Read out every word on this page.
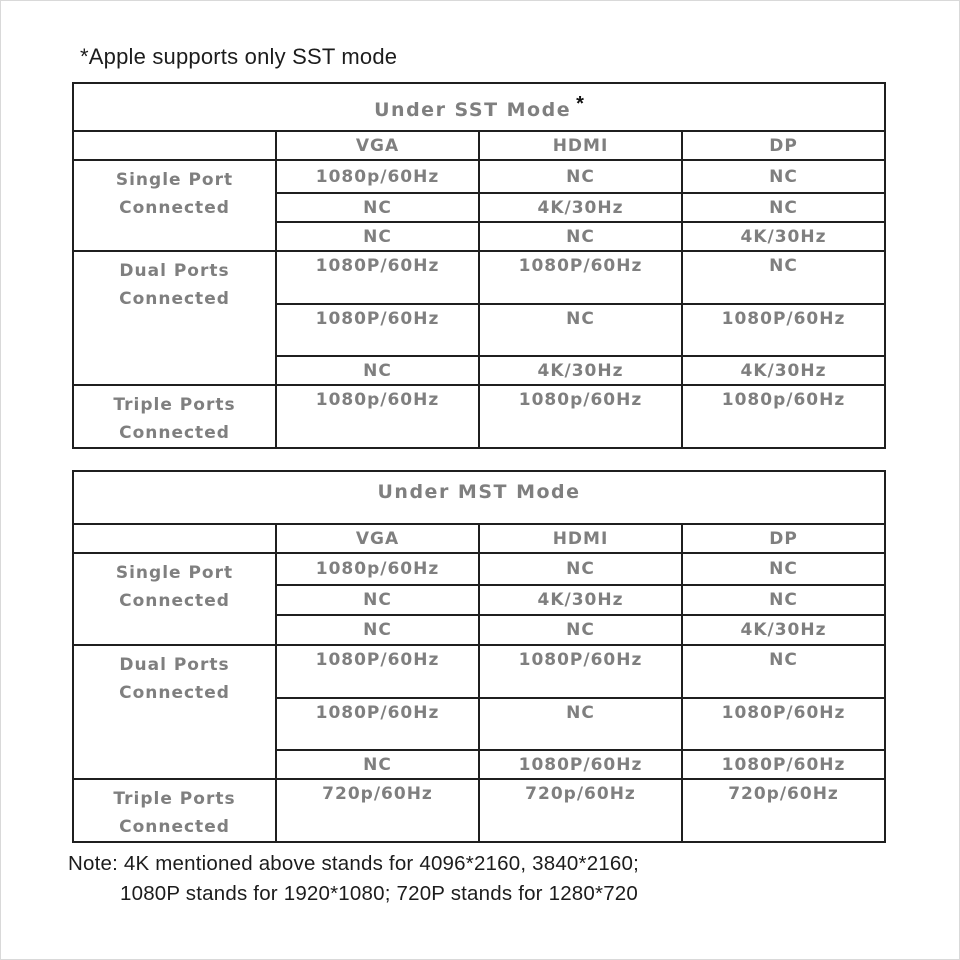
*Apple supports only SST mode
Under SST Mode *			
	VGA	HDMI	DP
Single Port
Connected	1080p/60Hz	NC	NC
	NC	4K/30Hz	NC
	NC	NC	4K/30Hz
Dual Ports
Connected	1080P/60Hz	1080P/60Hz	NC
	1080P/60Hz	NC	1080P/60Hz
	NC	4K/30Hz	4K/30Hz
Triple Ports
Connected	1080p/60Hz	1080p/60Hz	1080p/60Hz
Under MST Mode			
	VGA	HDMI	DP
Single Port
Connected	1080p/60Hz	NC	NC
	NC	4K/30Hz	NC
	NC	NC	4K/30Hz
Dual Ports
Connected	1080P/60Hz	1080P/60Hz	NC
	1080P/60Hz	NC	1080P/60Hz
	NC	1080P/60Hz	1080P/60Hz
Triple Ports
Connected	720p/60Hz	720p/60Hz	720p/60Hz
Note: 4K mentioned above stands for 4096*2160, 3840*2160;
1080P stands for 1920*1080; 720P stands for 1280*720
